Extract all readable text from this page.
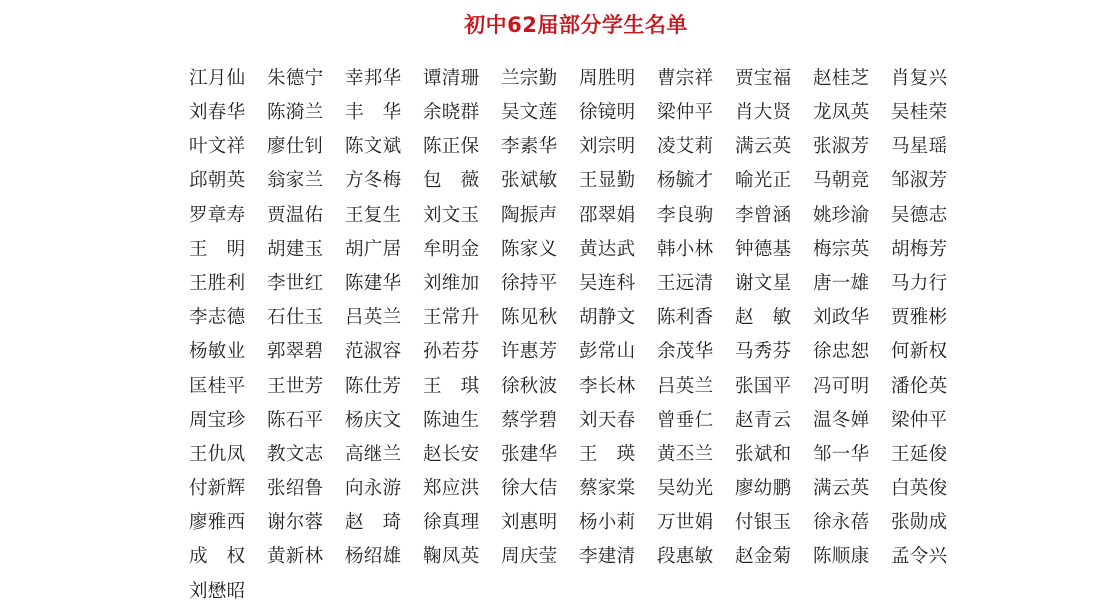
初中62届部分学生名单
江月仙	朱德宁	幸邦华	谭清珊	兰宗勤	周胜明	曹宗祥	贾宝福	赵桂芝	肖复兴
刘春华	陈漪兰	丰　华	余晓群	吴文莲	徐镜明	梁仲平	肖大贤	龙凤英	吴桂荣
叶文祥	廖仕钊	陈文斌	陈正保	李素华	刘宗明	凌艾莉	满云英	张淑芳	马星瑶
邱朝英	翁家兰	方冬梅	包　薇	张斌敏	王显勤	杨毓才	喻光正	马朝竞	邹淑芳
罗章寿	贾温佑	王复生	刘文玉	陶振声	邵翠娟	李良驹	李曾涵	姚珍渝	吴德志
王　明	胡建玉	胡广居	牟明金	陈家义	黄达武	韩小林	钟德基	梅宗英	胡梅芳
王胜利	李世红	陈建华	刘维加	徐持平	吴连科	王远清	谢文星	唐一雄	马力行
李志德	石仕玉	吕英兰	王常升	陈见秋	胡静文	陈利香	赵　敏	刘政华	贾雅彬
杨敏业	郭翠碧	范淑容	孙若芬	许惠芳	彭常山	余茂华	马秀芬	徐忠恕	何新权
匡桂平	王世芳	陈仕芳	王　琪	徐秋波	李长林	吕英兰	张国平	冯可明	潘伦英
周宝珍	陈石平	杨庆文	陈迪生	蔡学碧	刘天春	曾垂仁	赵青云	温冬婵	梁仲平
王仇凤	教文志	高继兰	赵长安	张建华	王　瑛	黄丕兰	张斌和	邹一华	王延俊
付新辉	张绍鲁	向永游	郑应洪	徐大佶	蔡家棠	吴幼光	廖幼鹏	满云英	白英俊
廖雅西	谢尔蓉	赵　琦	徐真理	刘惠明	杨小莉	万世娟	付银玉	徐永蓓	张勋成
成　权	黄新林	杨绍雄	鞠凤英	周庆莹	李建清	段惠敏	赵金菊	陈顺康	孟令兴
刘懋昭
